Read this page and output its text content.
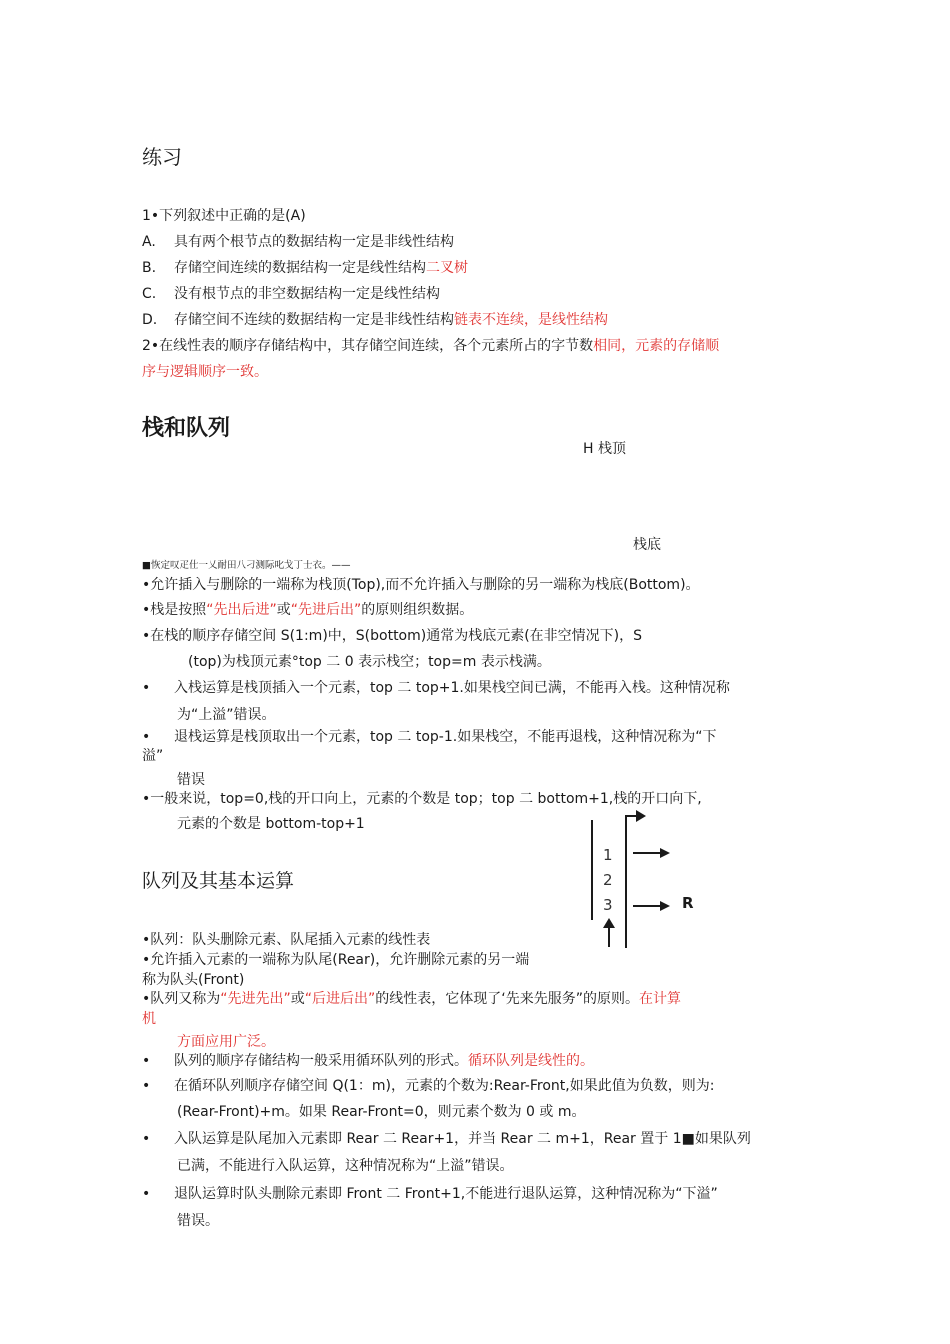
练习
1•下列叙述中正确的是(A)
A. 具有两个根节点的数据结构一定是非线性结构
B. 存储空间连续的数据结构一定是线性结构二叉树
C. 没有根节点的非空数据结构一定是线性结构
D. 存储空间不连续的数据结构一定是非线性结构链表不连续，是线性结构
2•在线性表的顺序存储结构中，其存储空间连续，各个元素所占的字节数相同，元素的存储顺
序与逻辑顺序一致。
栈和队列
H 栈顶
栈底
■恢定叹疋仕一乂耐田八刁测际叱戈丁士衣。——
•允许插入与删除的一端称为栈顶(Top),而不允许插入与删除的另一端称为栈底(Bottom)。
•栈是按照“先出后进”或“先进后出”的原则组织数据。
•在栈的顺序存储空间 S(1:m)中，S(bottom)通常为栈底元素(在非空情况下)，S
(top)为栈顶元素°top 二 0 表示栈空；top=m 表示栈满。
• 入栈运算是栈顶插入一个元素，top 二 top+1.如果栈空间已满，不能再入栈。这种情况称
为“上溢”错误。
• 退栈运算是栈顶取出一个元素，top 二 top-1.如果栈空，不能再退栈，这种情况称为“下
溢”
错误
•一般来说，top=0,栈的开口向上，元素的个数是 top；top 二 bottom+1,栈的开口向下,
元素的个数是 bottom-top+1
1
2
3	R
队列及其基本运算
•队列：队头删除元素、队尾插入元素的线性表
•允许插入元素的一端称为队尾(Rear)，允许删除元素的另一端
称为队头(Front)
•队列又称为“先进先出”或“后进后出”的线性表，它体现了‘先来先服务”的原则。在计算
机
方面应用广泛。
• 队列的顺序存储结构一般采用循环队列的形式。循环队列是线性的。
• 在循环队列顺序存储空间 Q(1：m)，元素的个数为:Rear-Front,如果此值为负数，则为:
(Rear-Front)+m。如果 Rear-Front=0，则元素个数为 0 或 m。
• 入队运算是队尾加入元素即 Rear 二 Rear+1，并当 Rear 二 m+1，Rear 置于 1■如果队列
已满，不能进行入队运算，这种情况称为“上溢”错误。
• 退队运算时队头删除元素即 Front 二 Front+1,不能进行退队运算，这种情况称为“下溢”
错误。
